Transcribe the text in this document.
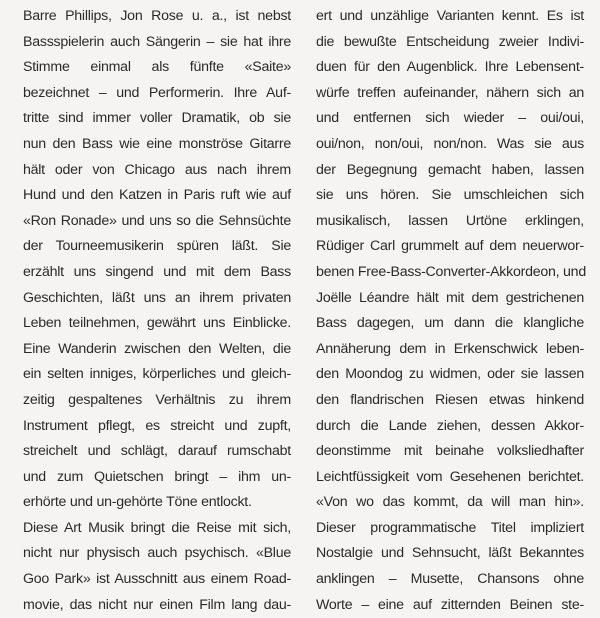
Barre Phillips, Jon Rose u. a., ist nebst
Bassspielerin auch Sängerin – sie hat ihre
Stimme einmal als fünfte «Saite»
bezeichnet – und Performerin. Ihre Auf-
tritte sind immer voller Dramatik, ob sie
nun den Bass wie eine monströse Gitarre
hält oder von Chicago aus nach ihrem
Hund und den Katzen in Paris ruft wie auf
«Ron Ronade» und uns so die Sehnsüchte
der Tourneemusikerin spüren läßt. Sie
erzählt uns singend und mit dem Bass
Geschichten, läßt uns an ihrem privaten
Leben teilnehmen, gewährt uns Einblicke.
Eine Wanderin zwischen den Welten, die
ein selten inniges, körperliches und gleich-
zeitig gespaltenes Verhältnis zu ihrem
Instrument pflegt, es streicht und zupft,
streichelt und schlägt, darauf rumschabt
und zum Quietschen bringt – ihm un-
erhörte und un-gehörte Töne entlockt.
Diese Art Musik bringt die Reise mit sich,
nicht nur physisch auch psychisch. «Blue
Goo Park» ist Ausschnitt aus einem Road-
movie, das nicht nur einen Film lang dau-
ert und unzählige Varianten kennt. Es ist
die bewußte Entscheidung zweier Indivi-
duen für den Augenblick. Ihre Lebensent-
würfe treffen aufeinander, nähern sich an
und entfernen sich wieder – oui/oui,
oui/non, non/oui, non/non. Was sie aus
der Begegnung gemacht haben, lassen
sie uns hören. Sie umschleichen sich
musikalisch, lassen Urtöne erklingen,
Rüdiger Carl grummelt auf dem neuerwor-
benen Free-Bass-Converter-Akkordeon, und
Joëlle Léandre hält mit dem gestrichenen
Bass dagegen, um dann die klangliche
Annäherung dem in Erkenschwick leben-
den Moondog zu widmen, oder sie lassen
den flandrischen Riesen etwas hinkend
durch die Lande ziehen, dessen Akkor-
deonstimme mit beinahe volksliedhafter
Leichtfüssigkeit vom Gesehenen berichtet.
«Von wo das kommt, da will man hin».
Dieser programmatische Titel impliziert
Nostalgie und Sehnsucht, läßt Bekanntes
anklingen – Musette, Chansons ohne
Worte – eine auf zitternden Beinen ste-
